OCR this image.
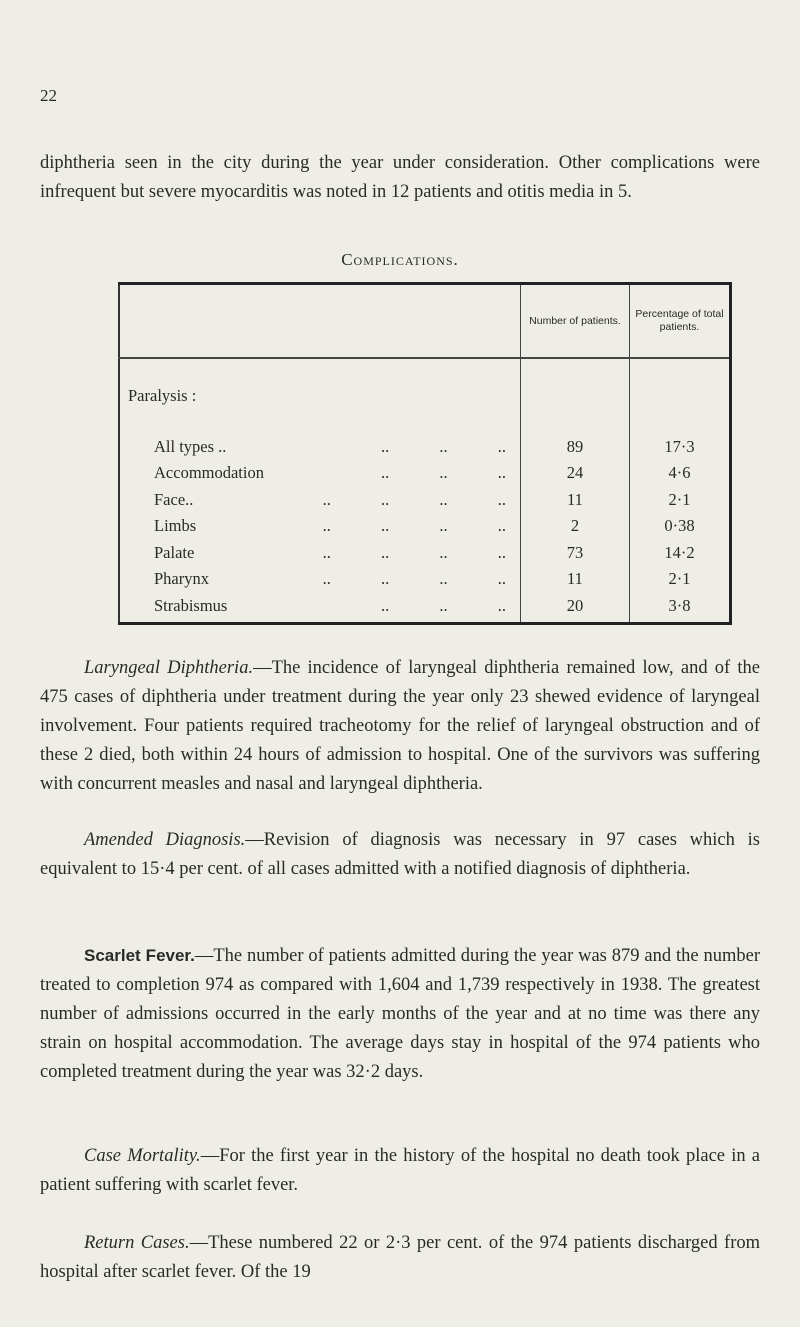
22
diphtheria seen in the city during the year under consideration. Other complications were infrequent but severe myocarditis was noted in 12 patients and otitis media in 5.
Complications.
	Number of patients.	Percentage of total patients.
Paralysis :		

All types .. .. .. ..	89	17·3

Accommodation .. .. ..	24	4·6

Face.. .. .. .. ..	11	2·1

Limbs .. .. .. ..	2	0·38

Palate .. .. .. ..	73	14·2

Pharynx .. .. .. ..	11	2·1

Strabismus .. .. ..	20	3·8

Laryngeal Diphtheria.—The incidence of laryngeal diphtheria remained low, and of the 475 cases of diphtheria under treatment during the year only 23 shewed evidence of laryngeal involvement. Four patients required tracheotomy for the relief of laryngeal obstruction and of these 2 died, both within 24 hours of admission to hospital. One of the survivors was suffering with concurrent measles and nasal and laryngeal diphtheria.
Amended Diagnosis.—Revision of diagnosis was necessary in 97 cases which is equivalent to 15·4 per cent. of all cases admitted with a notified diagnosis of diphtheria.
Scarlet Fever.—The number of patients admitted during the year was 879 and the number treated to completion 974 as compared with 1,604 and 1,739 respectively in 1938. The greatest number of admissions occurred in the early months of the year and at no time was there any strain on hospital accommodation. The average days stay in hospital of the 974 patients who completed treatment during the year was 32·2 days.
Case Mortality.—For the first year in the history of the hospital no death took place in a patient suffering with scarlet fever.
Return Cases.—These numbered 22 or 2·3 per cent. of the 974 patients discharged from hospital after scarlet fever. Of the 19
